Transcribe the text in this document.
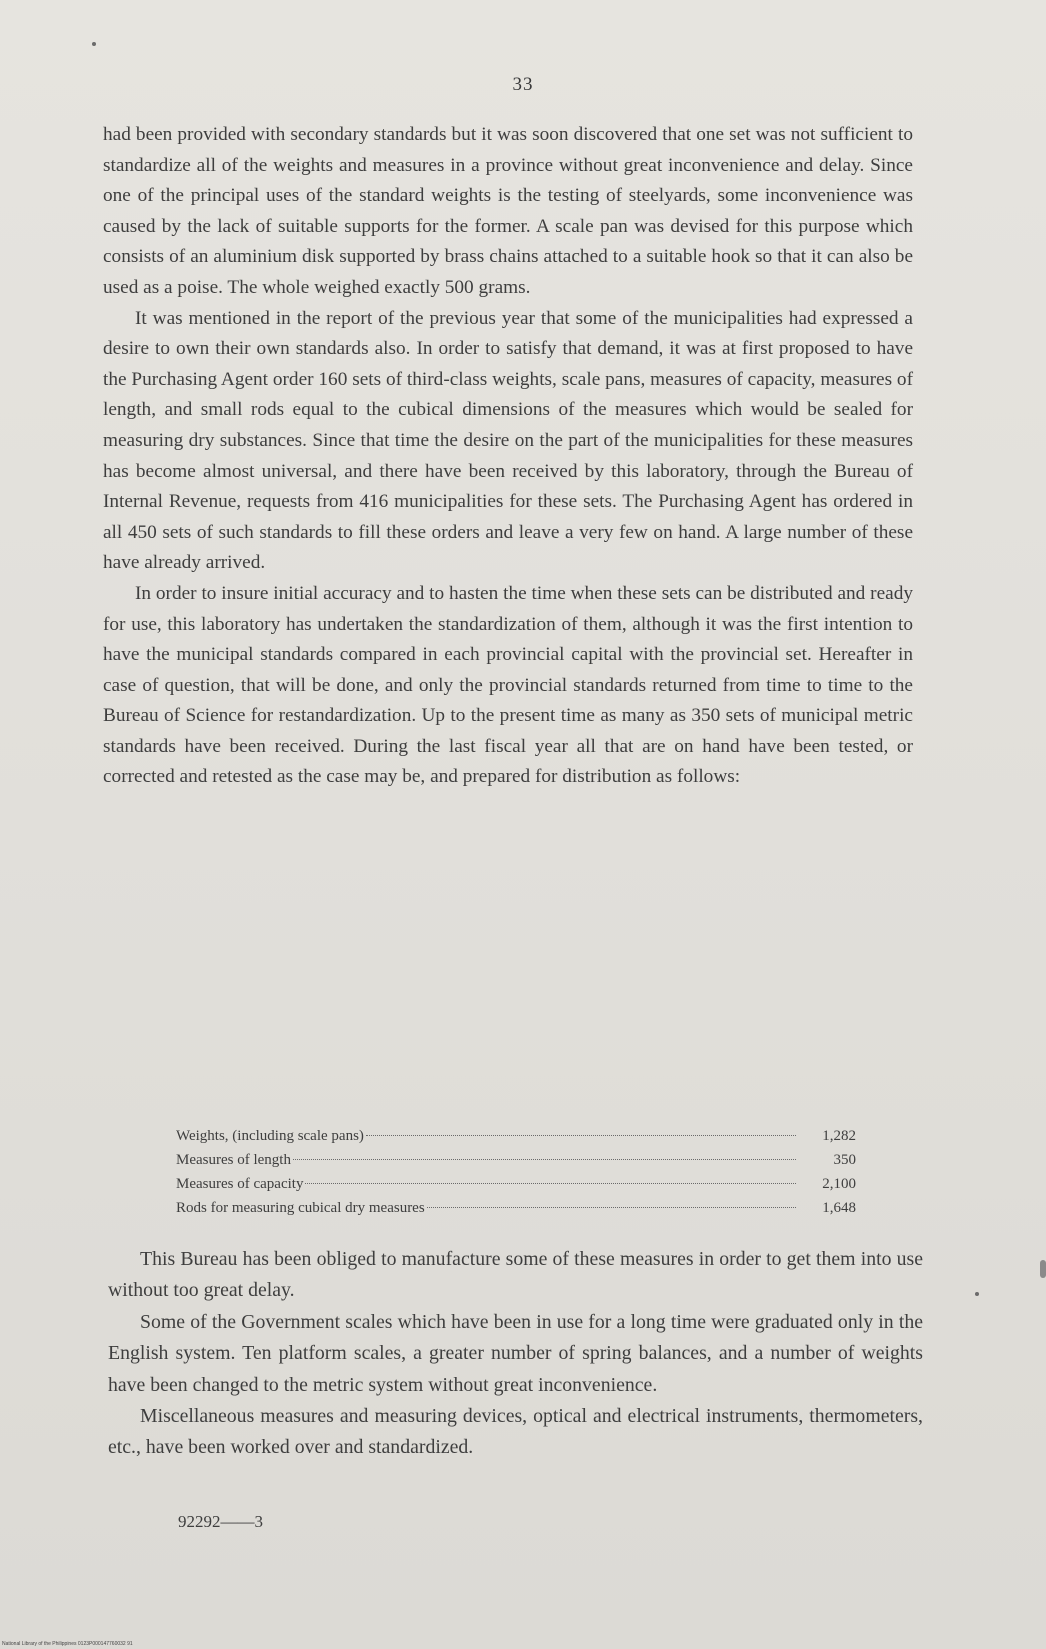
33

had been provided with secondary standards but it was soon discovered that one set was not sufficient to standardize all of the weights and measures in a province without great inconvenience and delay. Since one of the principal uses of the standard weights is the testing of steelyards, some inconvenience was caused by the lack of suitable supports for the former. A scale pan was devised for this purpose which consists of an aluminium disk supported by brass chains attached to a suitable hook so that it can also be used as a poise. The whole weighed exactly 500 grams.

It was mentioned in the report of the previous year that some of the municipalities had expressed a desire to own their own standards also. In order to satisfy that demand, it was at first proposed to have the Purchasing Agent order 160 sets of third-class weights, scale pans, measures of capacity, measures of length, and small rods equal to the cubical dimensions of the measures which would be sealed for measuring dry substances. Since that time the desire on the part of the municipalities for these measures has become almost universal, and there have been received by this laboratory, through the Bureau of Internal Revenue, requests from 416 municipalities for these sets. The Purchasing Agent has ordered in all 450 sets of such standards to fill these orders and leave a very few on hand. A large number of these have already arrived.

In order to insure initial accuracy and to hasten the time when these sets can be distributed and ready for use, this laboratory has undertaken the standardization of them, although it was the first intention to have the municipal standards compared in each provincial capital with the provincial set. Hereafter in case of question, that will be done, and only the provincial standards returned from time to time to the Bureau of Science for restandardization. Up to the present time as many as 350 sets of municipal metric standards have been received. During the last fiscal year all that are on hand have been tested, or corrected and retested as the case may be, and prepared for distribution as follows:

Weights, (including scale pans)	1,282
Measures of length	350
Measures of capacity	2,100
Rods for measuring cubical dry measures	1,648

This Bureau has been obliged to manufacture some of these measures in order to get them into use without too great delay.

Some of the Government scales which have been in use for a long time were graduated only in the English system. Ten platform scales, a greater number of spring balances, and a number of weights have been changed to the metric system without great inconvenience.

Miscellaneous measures and measuring devices, optical and electrical instruments, thermometers, etc., have been worked over and standardized.

92292——3
National Library of the Philippines 0123P000147760032 91
